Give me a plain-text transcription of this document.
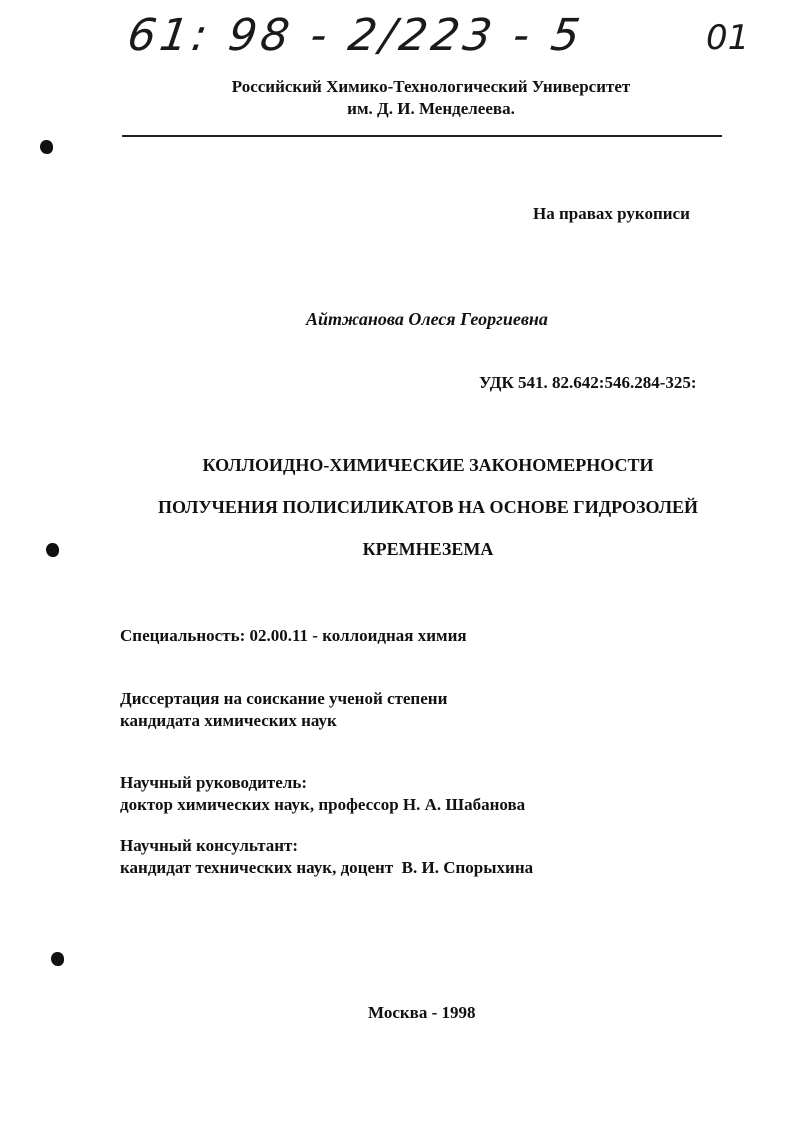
61: 98 - 2/223 - 5	01
Российский Химико-Технологический Университет
им. Д. И. Менделеева.
На правах рукописи
Айтжанова Олеся Георгиевна
УДК 541. 82.642:546.284-325:
КОЛЛОИДНО-ХИМИЧЕСКИЕ ЗАКОНОМЕРНОСТИ
ПОЛУЧЕНИЯ ПОЛИСИЛИКАТОВ НА ОСНОВЕ ГИДРОЗОЛЕЙ
КРЕМНЕЗЕМА
Специальность: 02.00.11 - коллоидная химия
Диссертация на соискание ученой степени
кандидата химических наук
Научный руководитель:
доктор химических наук, профессор Н. А. Шабанова
Научный консультант:
кандидат технических наук, доцент  В. И. Спорыхина
Москва - 1998
